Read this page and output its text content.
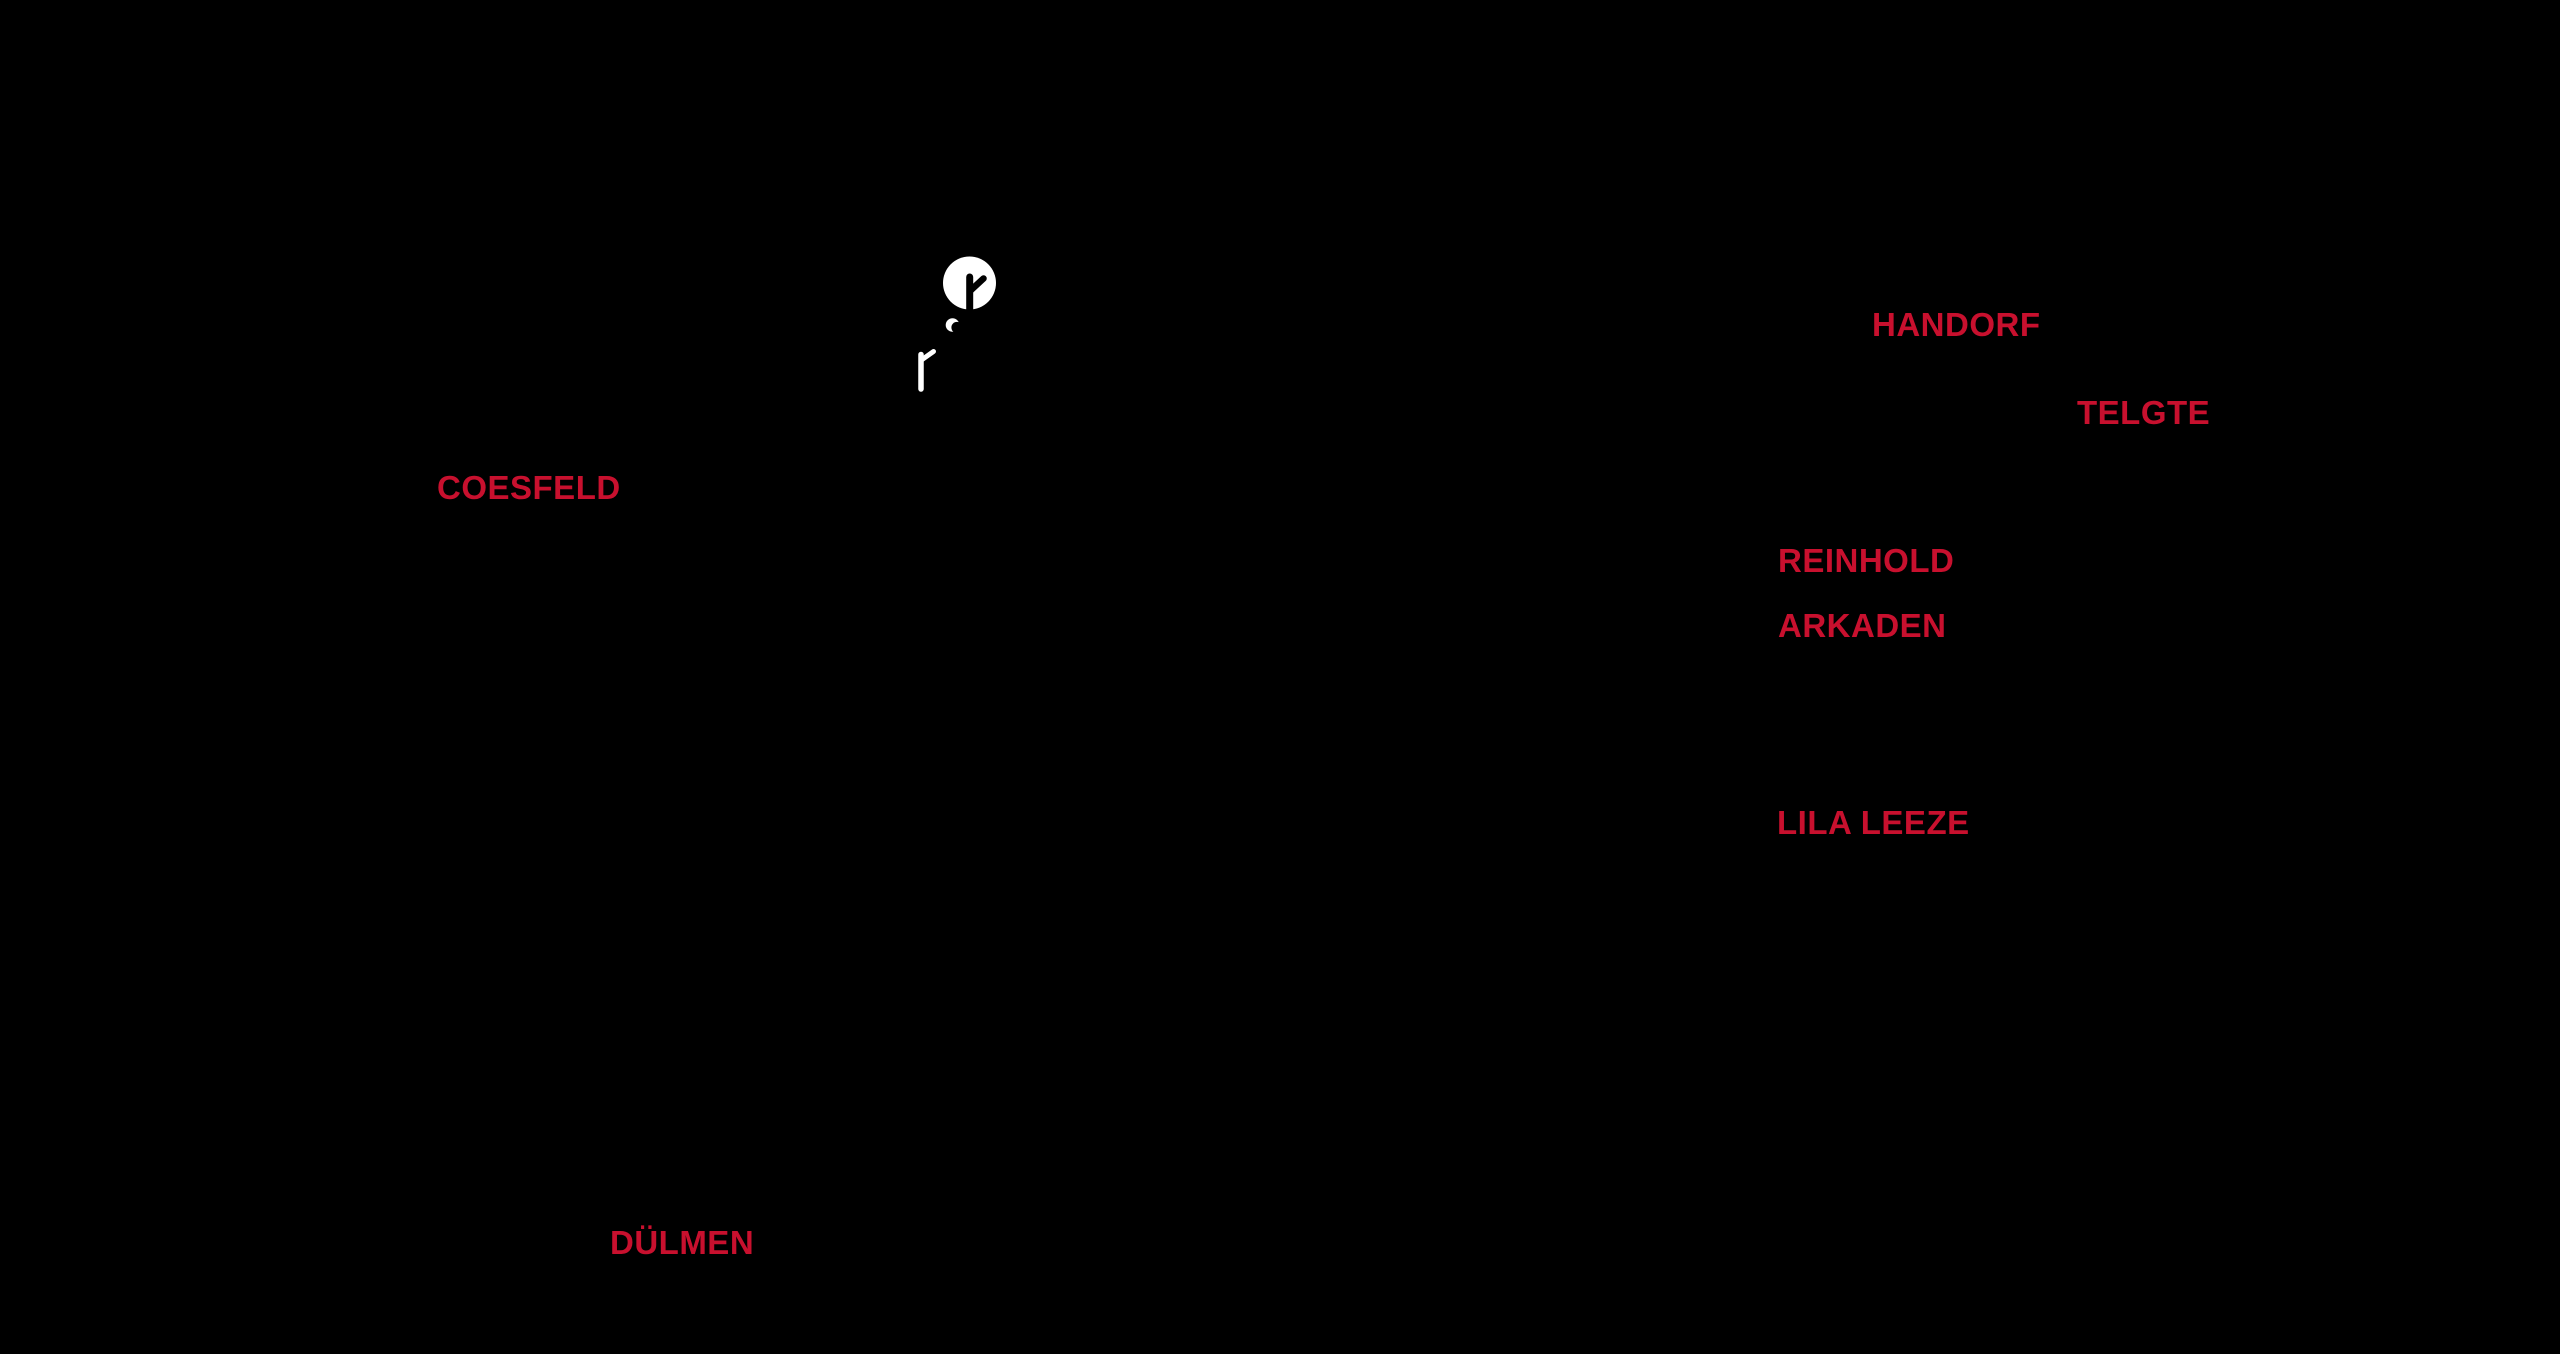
HANDORF
TELGTE
COESFELD
REINHOLD
ARKADEN
LILA LEEZE
DÜLMEN
